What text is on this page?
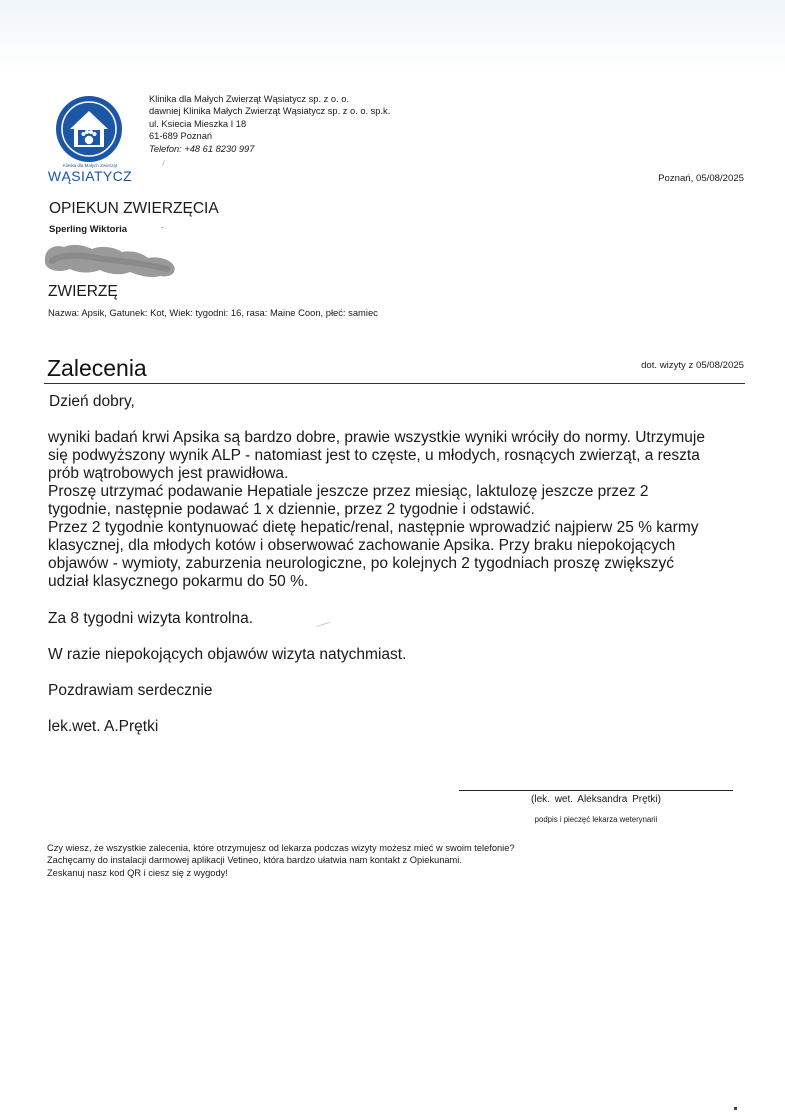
Klinika dla Małych Zwierząt
WĄSIATYCZ
Klinika dla Małych Zwierząt Wąsiatycz sp. z o. o.
dawniej Klinika Małych Zwierząt Wąsiatycz sp. z o. o. sp.k.
ul. Ksiecia Mieszka I 18
61-689 Poznań
Telefon: +48 61 8230 997
Poznań, 05/08/2025
OPIEKUN ZWIERZĘCIA
Sperling Wiktoria
ZWIERZĘ
Nazwa: Apsik, Gatunek: Kot, Wiek: tygodni: 16, rasa: Maine Coon, płeć: samiec
Zalecenia	dot. wizyty z 05/08/2025
Dzień dobry,

wyniki badań krwi Apsika są bardzo dobre, prawie wszystkie wyniki wróciły do normy. Utrzymuje

się podwyższony wynik ALP - natomiast jest to częste, u młodych, rosnących zwierząt, a reszta

prób wątrobowych jest prawidłowa.

Proszę utrzymać podawanie Hepatiale jeszcze przez miesiąc, laktulozę jeszcze przez 2

tygodnie, następnie podawać 1 x dziennie, przez 2 tygodnie i odstawić.

Przez 2 tygodnie kontynuować dietę hepatic/renal, następnie wprowadzić najpierw 25 % karmy

klasycznej, dla młodych kotów i obserwować zachowanie Apsika. Przy braku niepokojących

objawów - wymioty, zaburzenia neurologiczne, po kolejnych 2 tygodniach proszę zwiększyć

udział klasycznego pokarmu do 50 %.

Za 8 tygodni wizyta kontrolna.
W razie niepokojących objawów wizyta natychmiast.
Pozdrawiam serdecznie
lek.wet. A.Prętki
(lek. wet. Aleksandra Prętki)
podpis i pieczęć lekarza weterynarii
Czy wiesz, że wszystkie zalecenia, które otrzymujesz od lekarza podczas wizyty możesz mieć w swoim telefonie?
Zachęcamy do instalacji darmowej aplikacji Vetineo, która bardzo ułatwia nam kontakt z Opiekunami.
Zeskanuj nasz kod QR i ciesz się z wygody!
